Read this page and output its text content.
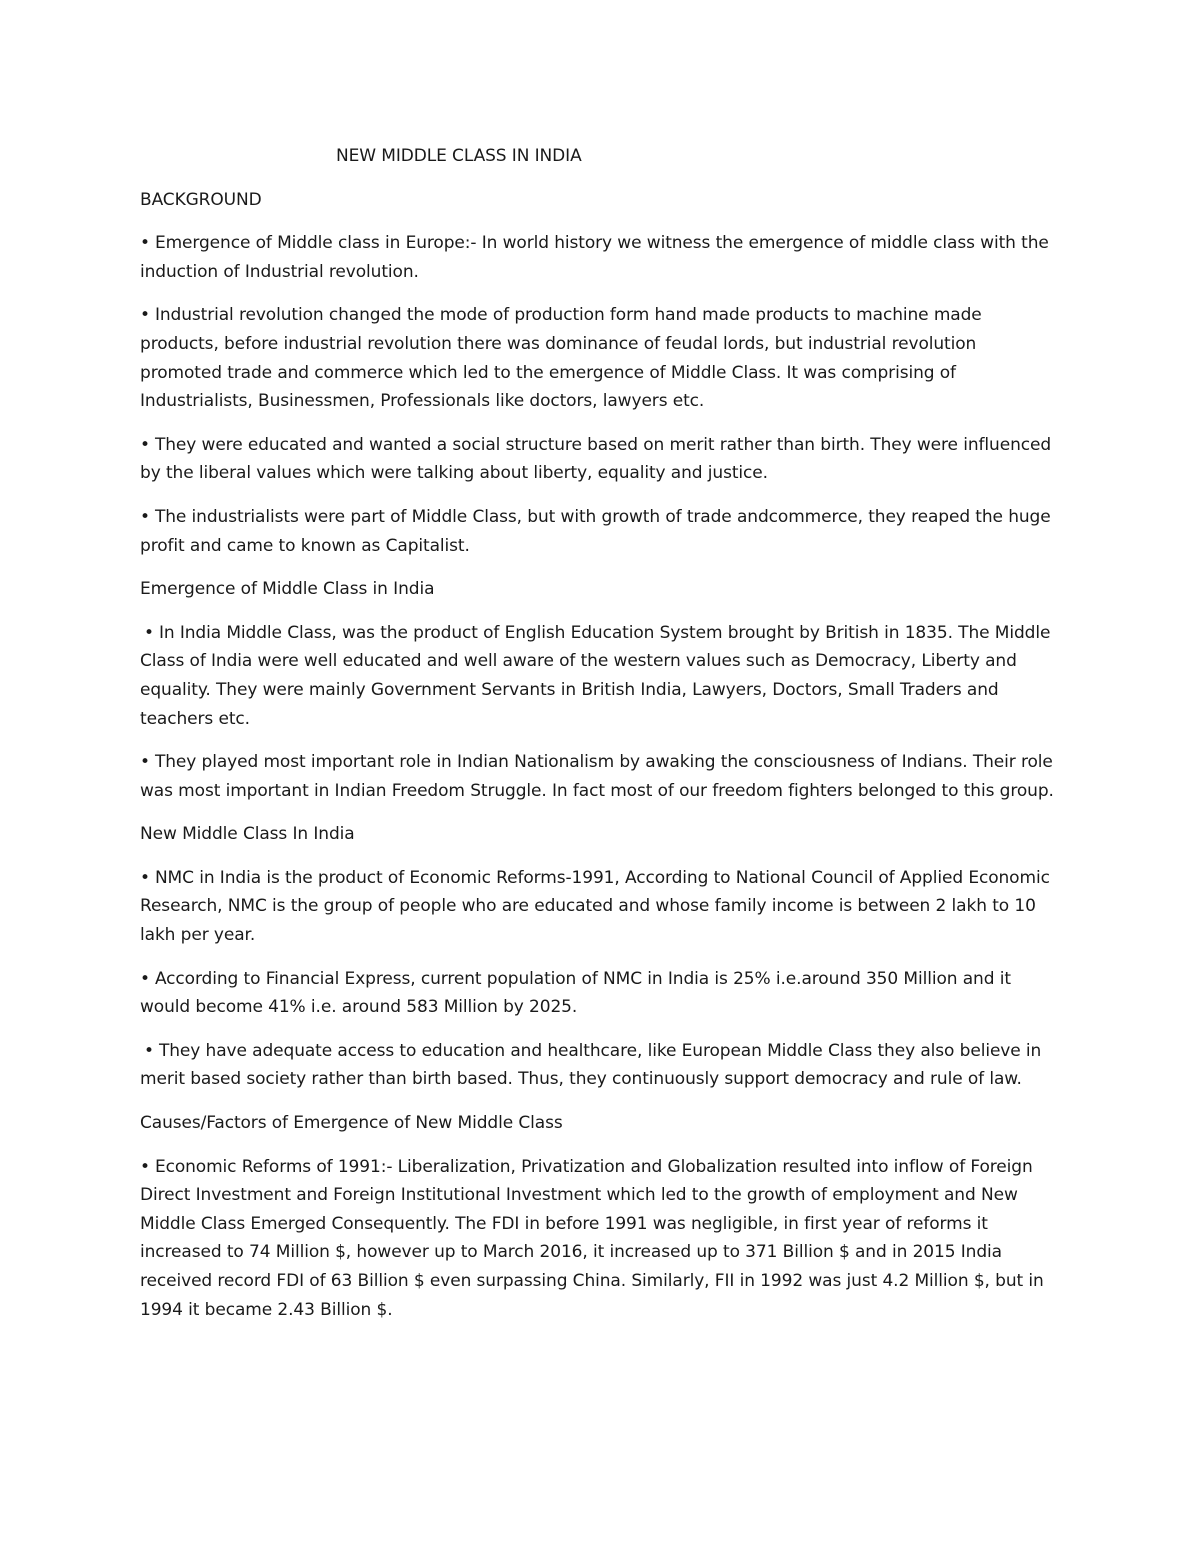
NEW MIDDLE CLASS IN INDIA
BACKGROUND

• Emergence of Middle class in Europe:- In world history we witness the emergence of middle class with the induction of Industrial revolution.

• Industrial revolution changed the mode of production form hand made products to machine made products, before industrial revolution there was dominance of feudal lords, but industrial revolution promoted trade and commerce which led to the emergence of Middle Class. It was comprising of Industrialists, Businessmen, Professionals like doctors, lawyers etc.

• They were educated and wanted a social structure based on merit rather than birth. They were influenced by the liberal values which were talking about liberty, equality and justice.

• The industrialists were part of Middle Class, but with growth of trade andcommerce, they reaped the huge profit and came to known as Capitalist.

Emergence of Middle Class in India

• In India Middle Class, was the product of English Education System brought by British in 1835. The Middle Class of India were well educated and well aware of the western values such as Democracy, Liberty and equality. They were mainly Government Servants in British India, Lawyers, Doctors, Small Traders and teachers etc.

• They played most important role in Indian Nationalism by awaking the consciousness of Indians. Their role was most important in Indian Freedom Struggle. In fact most of our freedom fighters belonged to this group.

New Middle Class In India

• NMC in India is the product of Economic Reforms-1991, According to National Council of Applied Economic Research, NMC is the group of people who are educated and whose family income is between 2 lakh to 10 lakh per year.

• According to Financial Express, current population of NMC in India is 25% i.e.around 350 Million and it would become 41% i.e. around 583 Million by 2025.

• They have adequate access to education and healthcare, like European Middle Class they also believe in merit based society rather than birth based. Thus, they continuously support democracy and rule of law.

Causes/Factors of Emergence of New Middle Class

• Economic Reforms of 1991:- Liberalization, Privatization and Globalization resulted into inflow of Foreign Direct Investment and Foreign Institutional Investment which led to the growth of employment and New Middle Class Emerged Consequently. The FDI in before 1991 was negligible, in first year of reforms it increased to 74 Million $, however up to March 2016, it increased up to 371 Billion $ and in 2015 India received record FDI of 63 Billion $ even surpassing China. Similarly, FII in 1992 was just 4.2 Million $, but in 1994 it became 2.43 Billion $.
